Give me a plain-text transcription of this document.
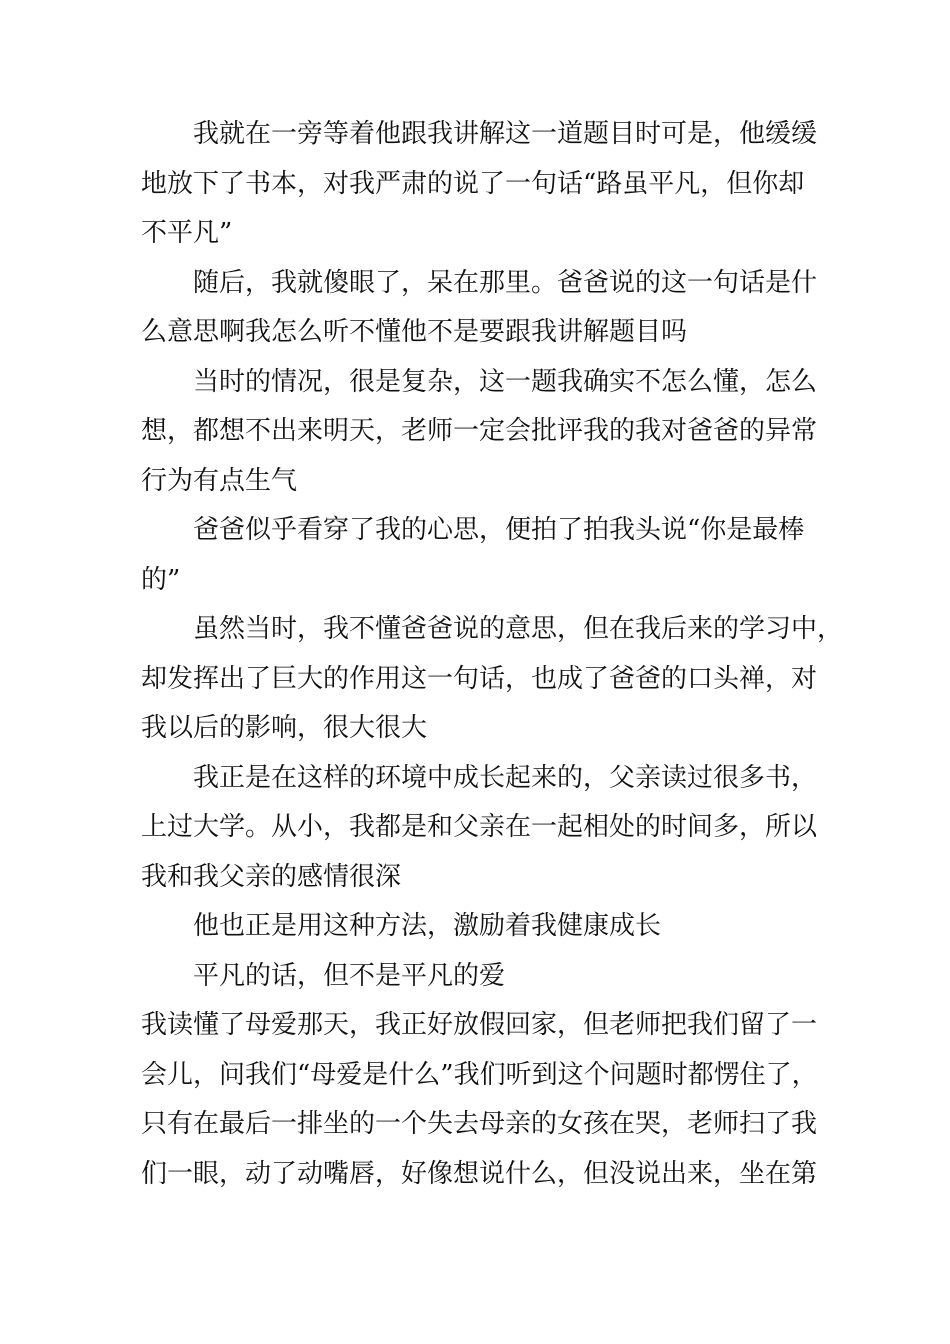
我就在一旁等着他跟我讲解这一道题目时可是，他缓缓
地放下了书本，对我严肃的说了一句话“路虽平凡，但你却
不平凡”
随后，我就傻眼了，呆在那里。爸爸说的这一句话是什
么意思啊我怎么听不懂他不是要跟我讲解题目吗
当时的情况，很是复杂，这一题我确实不怎么懂，怎么
想，都想不出来明天，老师一定会批评我的我对爸爸的异常
行为有点生气
爸爸似乎看穿了我的心思，便拍了拍我头说“你是最棒
的”
虽然当时，我不懂爸爸说的意思，但在我后来的学习中，
却发挥出了巨大的作用这一句话，也成了爸爸的口头禅，对
我以后的影响，很大很大
我正是在这样的环境中成长起来的，父亲读过很多书，
上过大学。从小，我都是和父亲在一起相处的时间多，所以
我和我父亲的感情很深
他也正是用这种方法，激励着我健康成长
平凡的话，但不是平凡的爱
我读懂了母爱那天，我正好放假回家，但老师把我们留了一
会儿，问我们“母爱是什么”我们听到这个问题时都愣住了，
只有在最后一排坐的一个失去母亲的女孩在哭，老师扫了我
们一眼，动了动嘴唇，好像想说什么，但没说出来，坐在第
